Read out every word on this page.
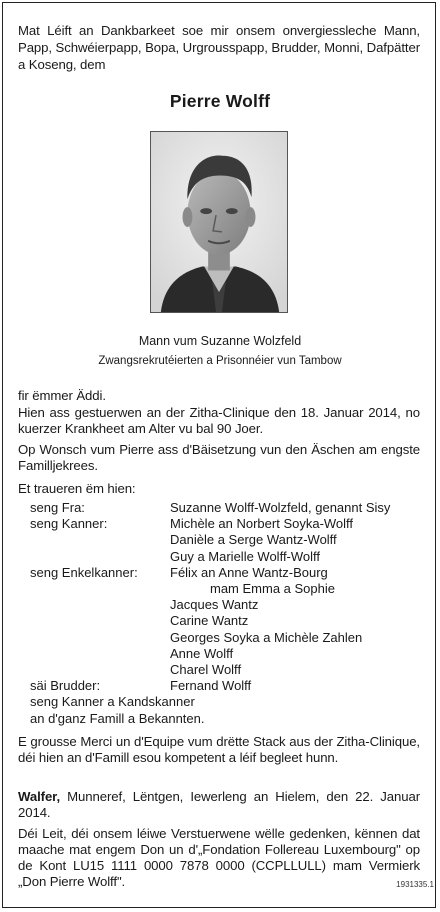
Mat Léift an Dankbarkeet soe mir onsem onvergiessleche Mann, Papp, Schwéierpapp, Bopa, Urgrousspapp, Brudder, Monni, Dafpätter a Koseng, dem
Pierre Wolff
Mann vum Suzanne Wolzfeld
Zwangsrekrutéierten a Prisonnéier vun Tambow
fir ëmmer Äddi.
Hien ass gestuerwen an der Zitha-Clinique den 18. Januar 2014, no kuerzer Krankheet am Alter vu bal 90 Joer.
Op Wonsch vum Pierre ass d'Bäisetzung vun den Äschen am engste Famillјekrees.
Et traueren ëm hien:
seng Fra:	Suzanne Wolff-Wolzfeld, genannt Sisy
seng Kanner:	Michèle an Norbert Soyka-Wolff
Danièle a Serge Wantz-Wolff
Guy a Marielle Wolff-Wolff
seng Enkelkanner:	Félix an Anne Wantz-Bourg
mam Emma a Sophie
Jacques Wantz
Carine Wantz
Georges Soyka a Michèle Zahlen
Anne Wolff
Charel Wolff
säi Brudder:	Fernand Wolff
seng Kanner a Kandskanner
an d'ganz Famill a Bekannten.
E grousse Merci un d'Equipe vum drëtte Stack aus der Zitha-Clinique, déi hien an d'Famill esou kompetent a léif begleet hunn.
Walfer, Munneref, Lëntgen, Iewerleng an Hielem, den 22. Januar 2014.
Déi Leit, déi onsem léiwe Verstuerwene wëlle gedenken, kënnen dat maache mat engem Don un d'„Fondation Follereau Luxembourg" op de Kont LU15 1111 0000 7878 0000 (CCPLLULL) mam Vermierk „Don Pierre Wolff".	1931335.1
